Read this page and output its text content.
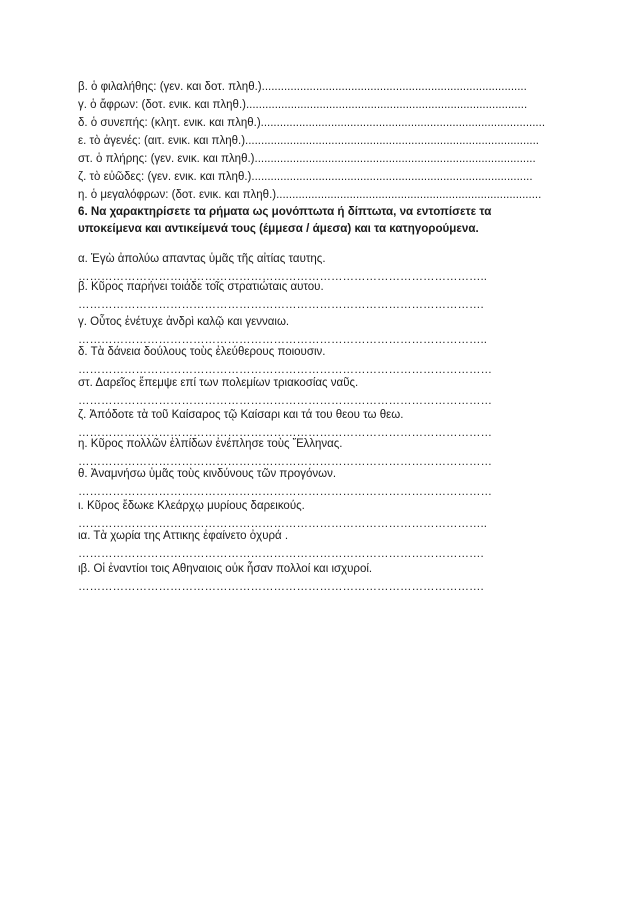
β. ὁ φιλαλήθης: (γεν. και δοτ. πληθ.)...................................................................................
γ. ὁ ἄφρων: (δοτ. ενικ. και πληθ.)........................................................................................
δ. ὁ συνεπής: (κλητ. ενικ. και πληθ.).........................................................................................
ε. τὸ ἀγενές: (αιτ. ενικ. και πληθ.)............................................................................................
στ. ὁ πλήρης: (γεν. ενικ. και πληθ.)........................................................................................
ζ. τὸ εὐῶδες: (γεν. ενικ. και πληθ.)........................................................................................
η. ὁ μεγαλόφρων: (δοτ. ενικ. και πληθ.)...................................................................................
6. Να χαρακτηρίσετε τα ρήματα ως μονόπτωτα ή δίπτωτα, να εντοπίσετε τα
υποκείμενα και αντικείμενά τους (έμμεσα / άμεσα) και τα κατηγορούμενα.
α. Ἐγὼ ἀπολύω απαντας ὑμᾶς τῆς αἰτίας ταυτης.
……………………………………………………………………………………………..
β. Κῦρος παρήνει τοιάδε τοῖς στρατιώταις αυτου.
…………………………………………………………………………………………….
γ. Οὗτος ἐνέτυχε ἀνδρὶ καλῷ και γενναιω.
……………………………………………………………………………………………..
δ. Τὰ δάνεια δούλους τοὺς ἐλεύθερους ποιουσιν.
………………………………………………………………………………………………
στ. Δαρεῖος ἔπεμψε επί των πολεμίων τριακοσίας ναῦς.
………………………………………………………………………………………………
ζ. Ἀπόδοτε τὰ τοῦ Καίσαρος τῷ Καίσαρι και τά του θεου τω θεω.
………………………………………………………………………………………………
η. Κῦρος πολλῶν ἐλπίδων ἐνέπλησε τοὺς Ἕλληνας.
………………………………………………………………………………………………
θ. Ἀναμνήσω ὑμᾶς τοὺς κινδύνους τῶν προγόνων.
………………………………………………………………………………………………
ι. Κῦρος ἔδωκε Κλεάρχῳ μυρίους δαρεικούς.
……………………………………………………………………………………………..
ια. Τὰ χωρία της Αττικης ἐφαίνετο ὀχυρά .
…………………………………………………………………………………………….
ιβ. Οἱ ἐναντίοι τοις Αθηναιοις οὐκ ἦσαν πολλοί και ισχυροί.
…………………………………………………………………………………………….
